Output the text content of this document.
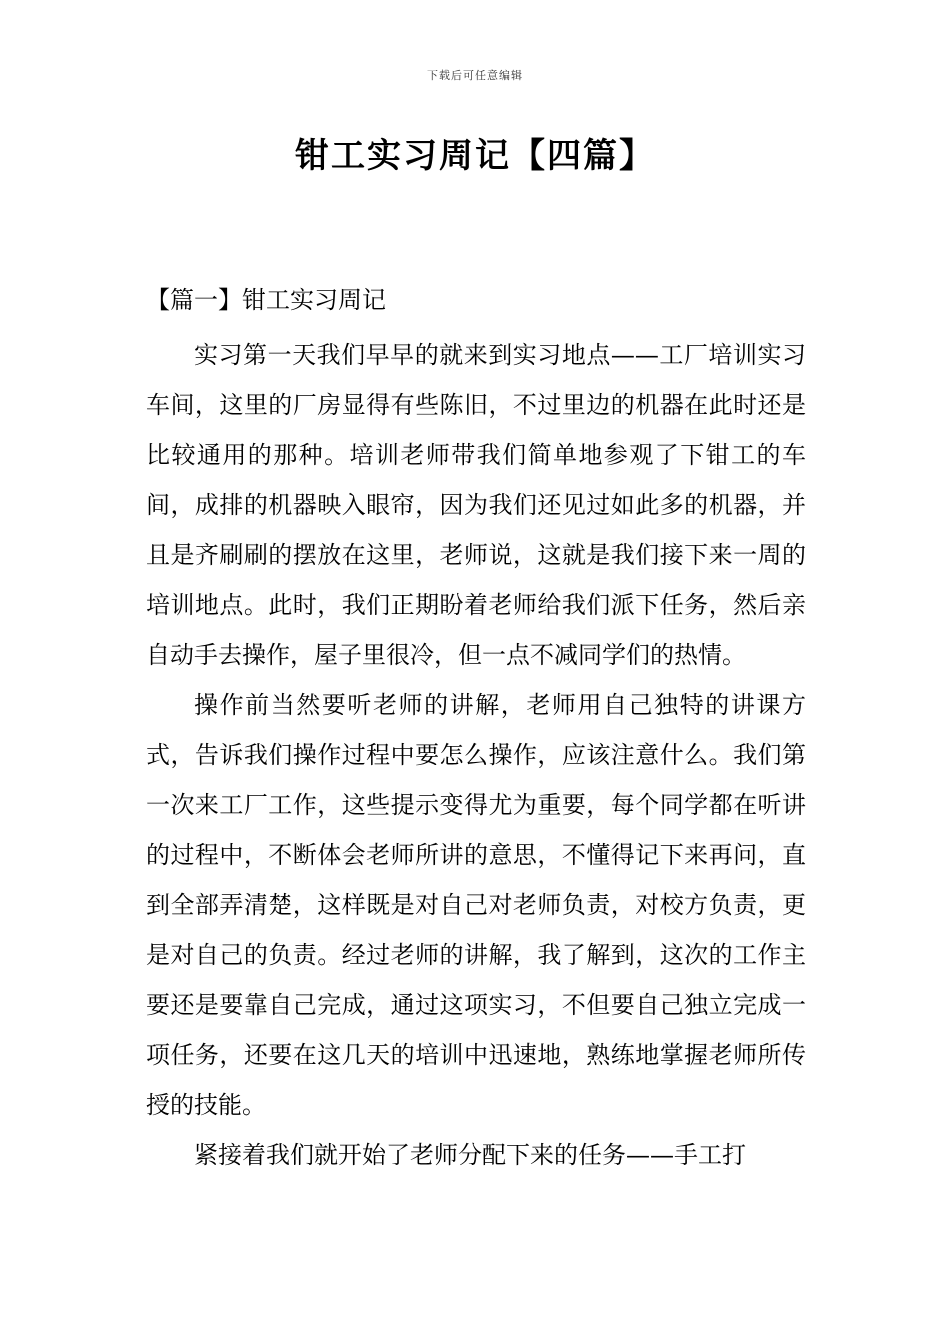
下载后可任意编辑
钳工实习周记【四篇】
【篇一】钳工实习周记

实习第一天我们早早的就来到实习地点——工厂培训实习车间，这里的厂房显得有些陈旧，不过里边的机器在此时还是比较通用的那种。培训老师带我们简单地参观了下钳工的车间，成排的机器映入眼帘，因为我们还见过如此多的机器，并且是齐刷刷的摆放在这里，老师说，这就是我们接下来一周的培训地点。此时，我们正期盼着老师给我们派下任务，然后亲自动手去操作，屋子里很冷，但一点不减同学们的热情。

操作前当然要听老师的讲解，老师用自己独特的讲课方式，告诉我们操作过程中要怎么操作，应该注意什么。我们第一次来工厂工作，这些提示变得尤为重要，每个同学都在听讲的过程中，不断体会老师所讲的意思，不懂得记下来再问，直到全部弄清楚，这样既是对自己对老师负责，对校方负责，更是对自己的负责。经过老师的讲解，我了解到，这次的工作主要还是要靠自己完成，通过这项实习，不但要自己独立完成一项任务，还要在这几天的培训中迅速地，熟练地掌握老师所传授的技能。

紧接着我们就开始了老师分配下来的任务——手工打
